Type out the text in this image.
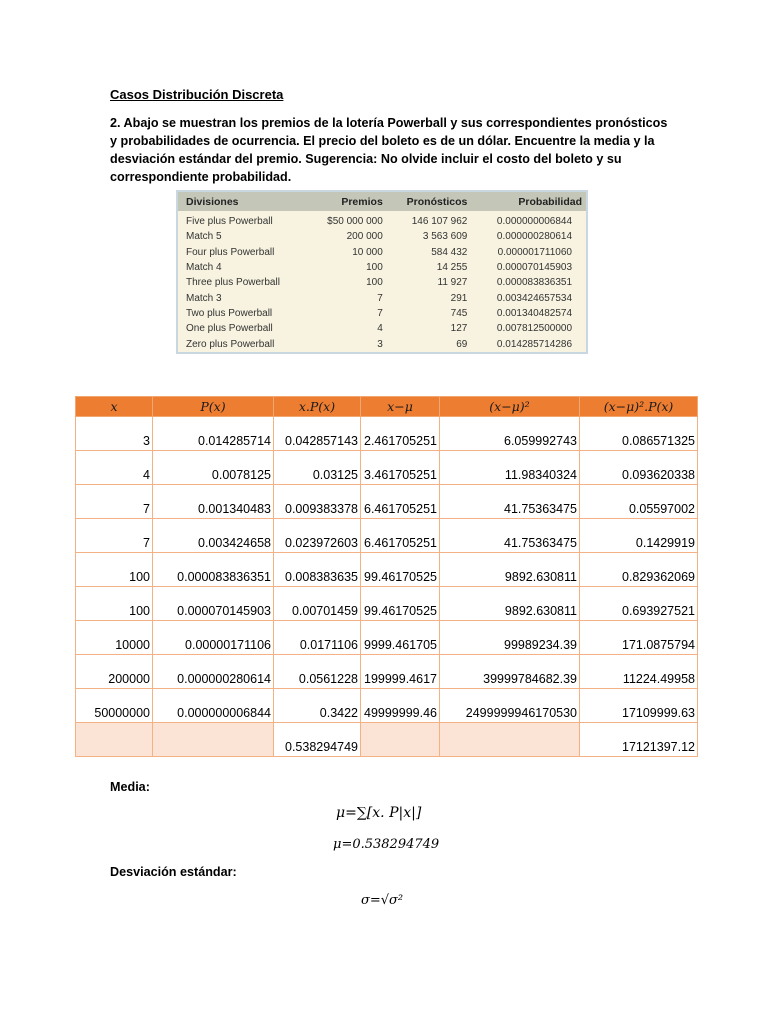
Casos Distribución Discreta

2. Abajo se muestran los premios de la lotería Powerball y sus correspondientes pronósticos y probabilidades de ocurrencia. El precio del boleto es de un dólar. Encuentre la media y la desviación estándar del premio. Sugerencia: No olvide incluir el costo del boleto y su correspondiente probabilidad.

Divisiones	Premios	Pronósticos	Probabilidad
Five plus Powerball	$50 000 000	146 107 962	0.000000006844
Match 5	200 000	3 563 609	0.000000280614
Four plus Powerball	10 000	584 432	0.000001711060
Match 4	100	14 255	0.000070145903
Three plus Powerball	100	11 927	0.000083836351
Match 3	7	291	0.003424657534
Two plus Powerball	7	745	0.001340482574
One plus Powerball	4	127	0.007812500000
Zero plus Powerball	3	69	0.014285714286
x	P(x)	x.P(x)	x−μ	(x−μ)²	(x−μ)².P(x)
3	0.014285714	0.042857143	2.461705251	6.059992743	0.086571325
4	0.0078125	0.03125	3.461705251	11.98340324	0.093620338
7	0.001340483	0.009383378	6.461705251	41.75363475	0.05597002
7	0.003424658	0.023972603	6.461705251	41.75363475	0.1429919
100	0.000083836351	0.008383635	99.46170525	9892.630811	0.829362069
100	0.000070145903	0.00701459	99.46170525	9892.630811	0.693927521
10000	0.00000171106	0.0171106	9999.461705	99989234.39	171.0875794
200000	0.000000280614	0.0561228	199999.4617	39999784682.39	11224.49958
50000000	0.000000006844	0.3422	49999999.46	2499999946170530	17109999.63
		0.538294749			17121397.12
Media:
μ=∑[x. P|x|]
μ=0.538294749
Desviación estándar:
σ=√σ²
